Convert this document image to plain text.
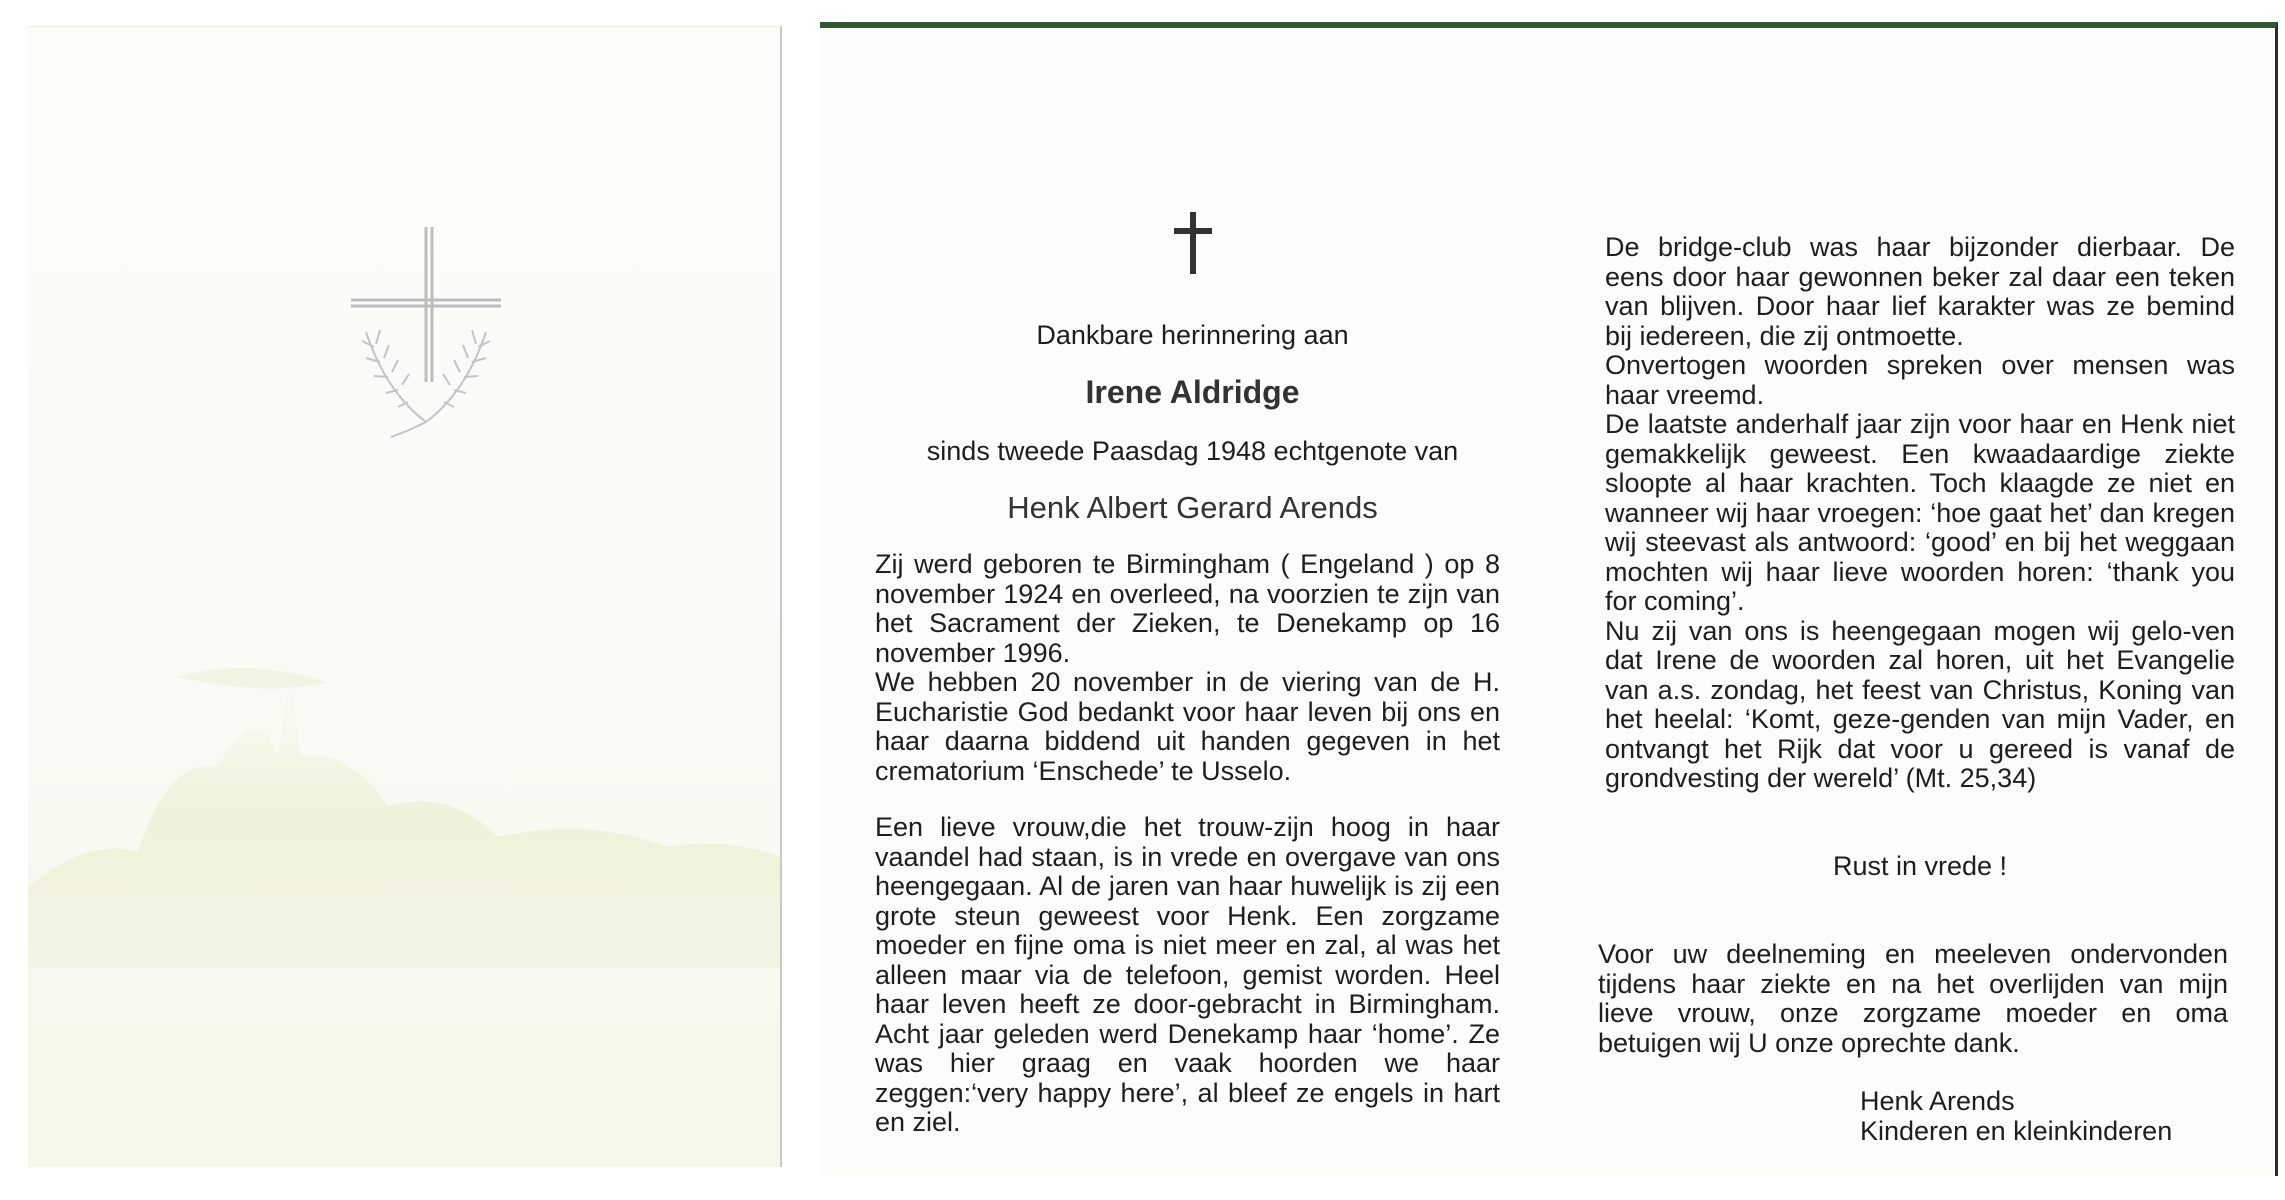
Dankbare herinnering aan
Irene Aldridge
sinds tweede Paasdag 1948 echtgenote van
Henk Albert Gerard Arends

Zij werd geboren te Birmingham ( Engeland ) op 8 november 1924 en overleed, na voorzien te zijn van het Sacrament der Zieken, te Denekamp op 16 november 1996.

We hebben 20 november in de viering van de H. Eucharistie God bedankt voor haar leven bij ons en haar daarna biddend uit handen gegeven in het crematorium ‘Enschede’ te Usselo.

Een lieve vrouw,die het trouw-zijn hoog in haar vaandel had staan, is in vrede en overgave van ons heengegaan. Al de jaren van haar huwelijk is zij een grote steun geweest voor Henk. Een zorgzame moeder en fijne oma is niet meer en zal, al was het alleen maar via de telefoon, gemist worden. Heel haar leven heeft ze door-gebracht in Birmingham. Acht jaar geleden werd Denekamp haar ‘home’. Ze was hier graag en vaak hoorden we haar zeggen:‘very happy here’, al bleef ze engels in hart en ziel.

De bridge-club was haar bijzonder dierbaar. De eens door haar gewonnen beker zal daar een teken van blijven. Door haar lief karakter was ze bemind bij iedereen, die zij ontmoette.

Onvertogen woorden spreken over mensen was haar vreemd.

De laatste anderhalf jaar zijn voor haar en Henk niet gemakkelijk geweest. Een kwaadaardige ziekte sloopte al haar krachten. Toch klaagde ze niet en wanneer wij haar vroegen: ‘hoe gaat het’ dan kregen wij steevast als antwoord: ‘good’ en bij het weggaan mochten wij haar lieve woorden horen: ‘thank you for coming’.

Nu zij van ons is heengegaan mogen wij gelo-ven dat Irene de woorden zal horen, uit het Evangelie van a.s. zondag, het feest van Christus, Koning van het heelal: ‘Komt, geze-genden van mijn Vader, en ontvangt het Rijk dat voor u gereed is vanaf de grondvesting der wereld’ (Mt. 25,34)

Rust in vrede !

Voor uw deelneming en meeleven ondervonden tijdens haar ziekte en na het overlijden van mijn lieve vrouw, onze zorgzame moeder en oma betuigen wij U onze oprechte dank.

Henk Arends
Kinderen en kleinkinderen
